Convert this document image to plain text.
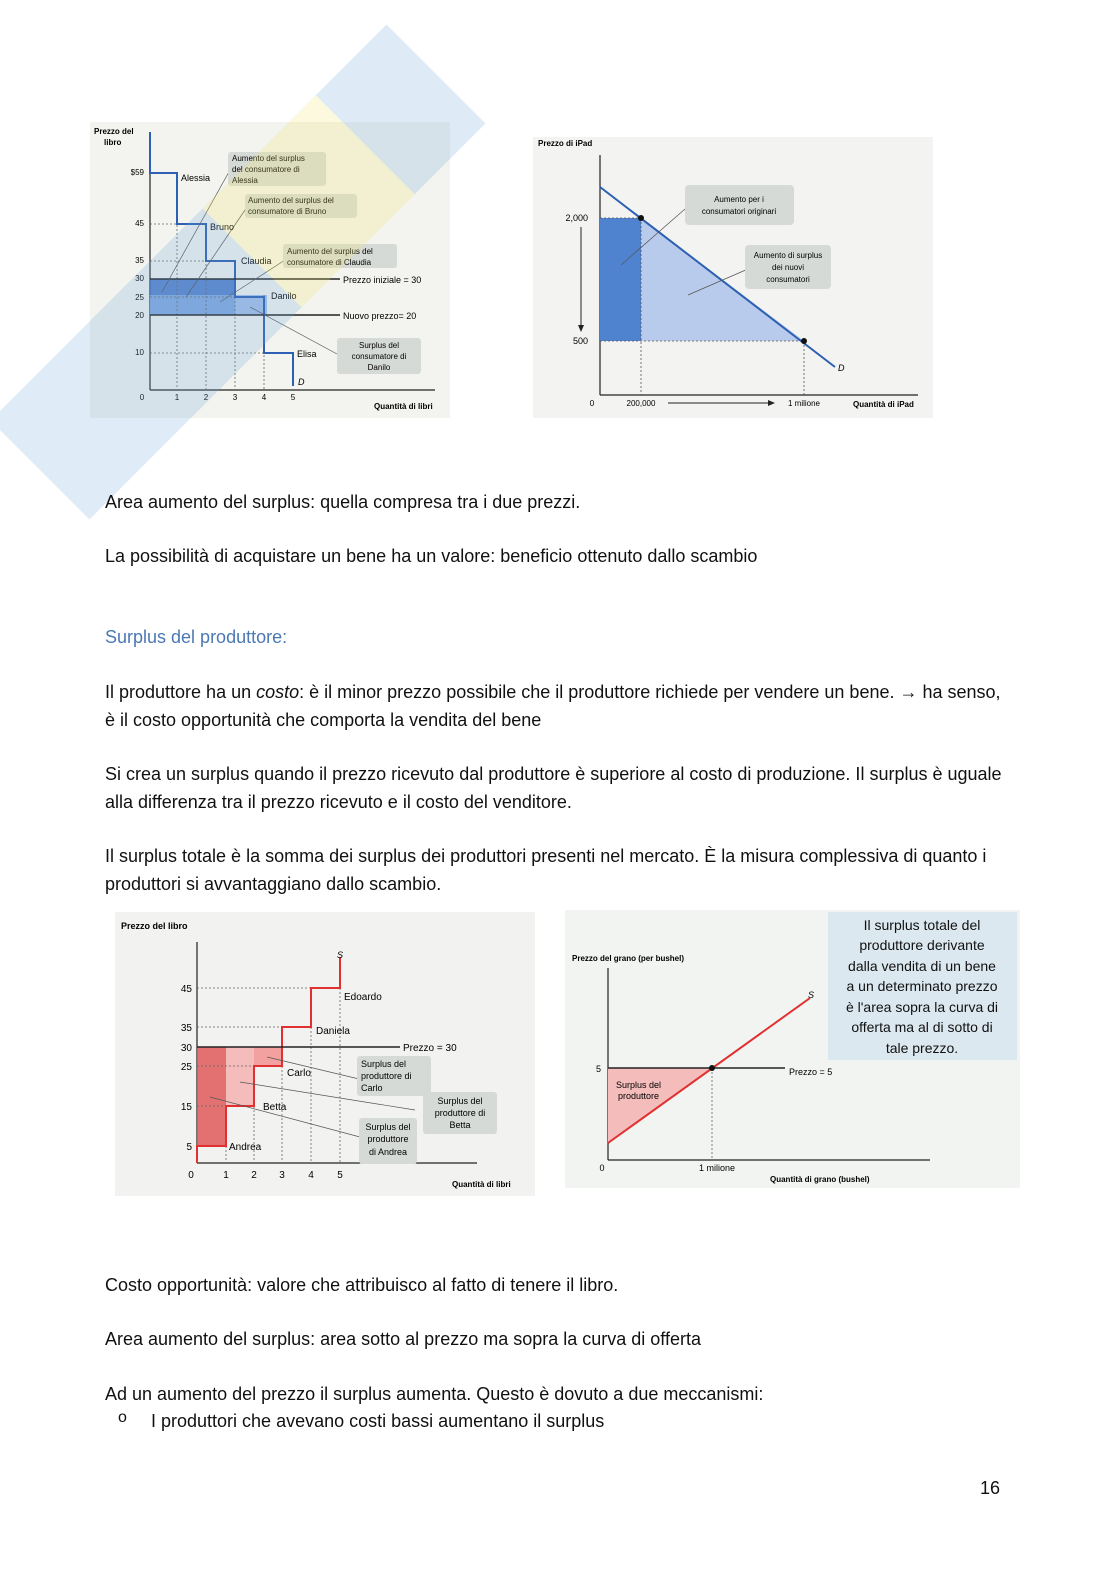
Prezzo del
libro
$59
45
35
30
25
20
10
0	1	2	3	4	5
Quantità di libri
Alessia
Bruno
Claudia
Danilo
Elisa
D
Prezzo iniziale = 30
Nuovo prezzo= 20
Aumento del surplus
del consumatore di
Alessia
Aumento del surplus del
consumatore di Bruno
Aumento del surplus del
consumatore di Claudia
Surplus del
consumatore di
Danilo
Prezzo di iPad
Quantità di iPad
2,000
500
0	200,000	1 milione
D
Aumento per i
consumatori originari
Aumento di surplus
dei nuovi
consumatori

Area aumento del surplus: quella compresa tra i due prezzi.

La possibilità di acquistare un bene ha un valore: beneficio ottenuto dallo scambio

Surplus del produttore:

Il produttore ha un costo: è il minor prezzo possibile che il produttore richiede per vendere un bene. → ha senso, è il costo opportunità che comporta la vendita del bene

Si crea un surplus quando il prezzo ricevuto dal produttore è superiore al costo di produzione. Il surplus è uguale alla differenza tra il prezzo ricevuto e il costo del venditore.

Il surplus totale è la somma dei surplus dei produttori presenti nel mercato. È la misura complessiva di quanto i produttori si avvantaggiano dallo scambio.

Prezzo del libro
Quantità di libri
45
35
30
25
15
5
0	1 2 3 4 5
Andrea
Betta
Carlo
Daniela
Edoardo
S
Prezzo = 30
Surplus del
produttore di
Carlo
Surplus del
produttore di
Betta
Surplus del
produttore
di Andrea
Prezzo del grano (per bushel)
Quantità di grano (bushel)
5
0	1 milione
S
Prezzo = 5
Surplus del
produttore
Il surplus totale del
produttore derivante
dalla vendita di un bene
a un determinato prezzo
è l'area sopra la curva di
offerta ma al di sotto di
tale prezzo.

Costo opportunità: valore che attribuisco al fatto di tenere il libro.

Area aumento del surplus: area sotto al prezzo ma sopra la curva di offerta

Ad un aumento del prezzo il surplus aumenta. Questo è dovuto a due meccanismi:

o I produttori che avevano costi bassi aumentano il surplus

16
